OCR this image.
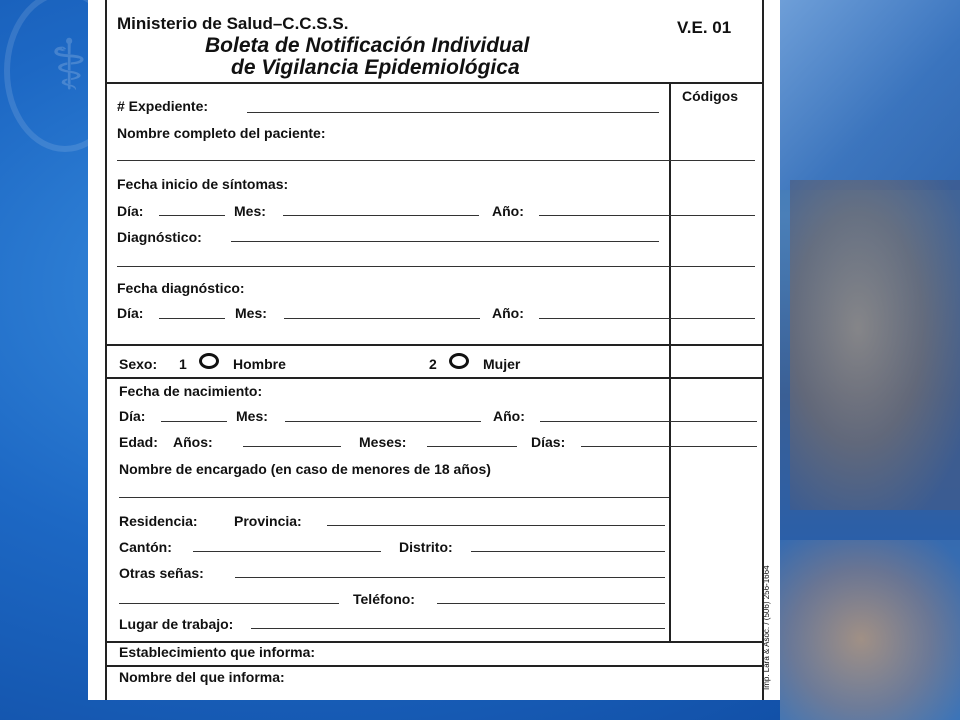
⚕
Imp. Lara & Asoc. / (506) 256-1664
Ministerio de Salud–C.C.S.S.	V.E. 01
Boleta de Notificación Individual
de Vigilancia Epidemiológica
Códigos
# Expediente:
Nombre completo del paciente:
Fecha inicio de síntomas:
Día:	Mes:	Año:
Diagnóstico:
Fecha diagnóstico:
Día:	Mes:	Año:
Sexo: 1	Hombre	2	Mujer
Fecha de nacimiento:
Día:	Mes:	Año:
Edad: Años:	Meses:	Días:
Nombre de encargado (en caso de menores de 18 años)
Residencia:	Provincia:
Cantón:	Distrito:
Otras señas:
Teléfono:
Lugar de trabajo:
Establecimiento que informa:
Nombre del que informa:
